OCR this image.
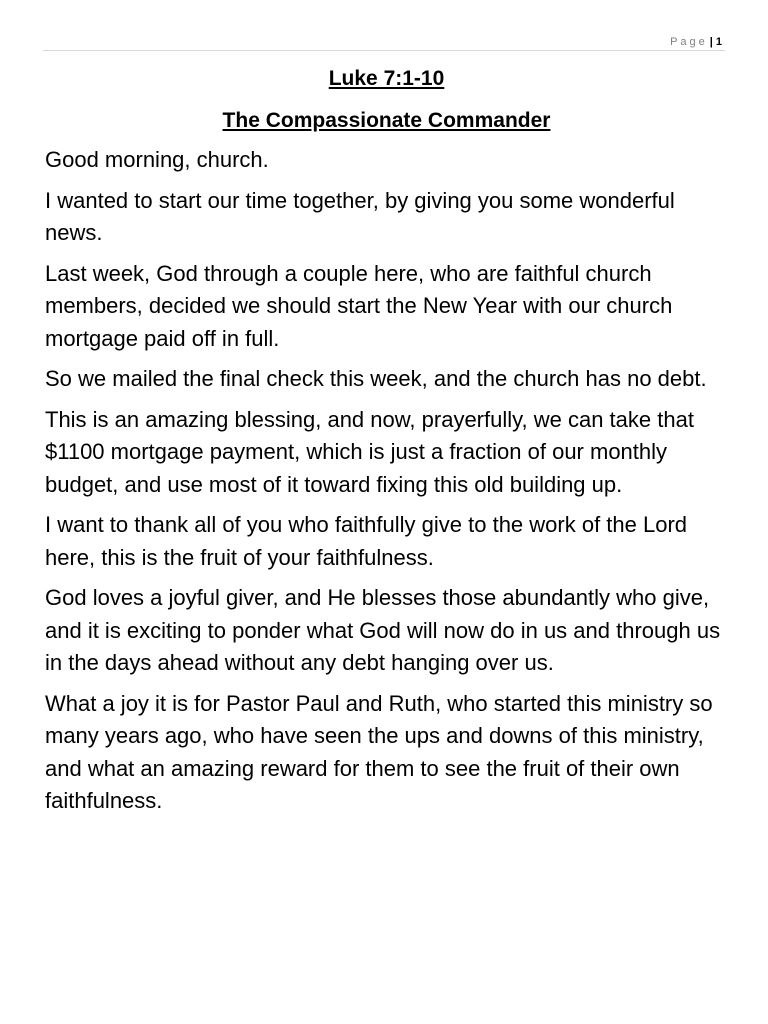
Page | 1
Luke 7:1-10
The Compassionate Commander

Good morning, church.

I wanted to start our time together, by giving you some wonderful news.

Last week, God through a couple here, who are faithful church members, decided we should start the New Year with our church mortgage paid off in full.

So we mailed the final check this week, and the church has no debt.

This is an amazing blessing, and now, prayerfully, we can take that $1100 mortgage payment, which is just a fraction of our monthly budget, and use most of it toward fixing this old building up.

I want to thank all of you who faithfully give to the work of the Lord here, this is the fruit of your faithfulness.

God loves a joyful giver, and He blesses those abundantly who give, and it is exciting to ponder what God will now do in us and through us in the days ahead without any debt hanging over us.

What a joy it is for Pastor Paul and Ruth, who started this ministry so many years ago, who have seen the ups and downs of this ministry, and what an amazing reward for them to see the fruit of their own faithfulness.
